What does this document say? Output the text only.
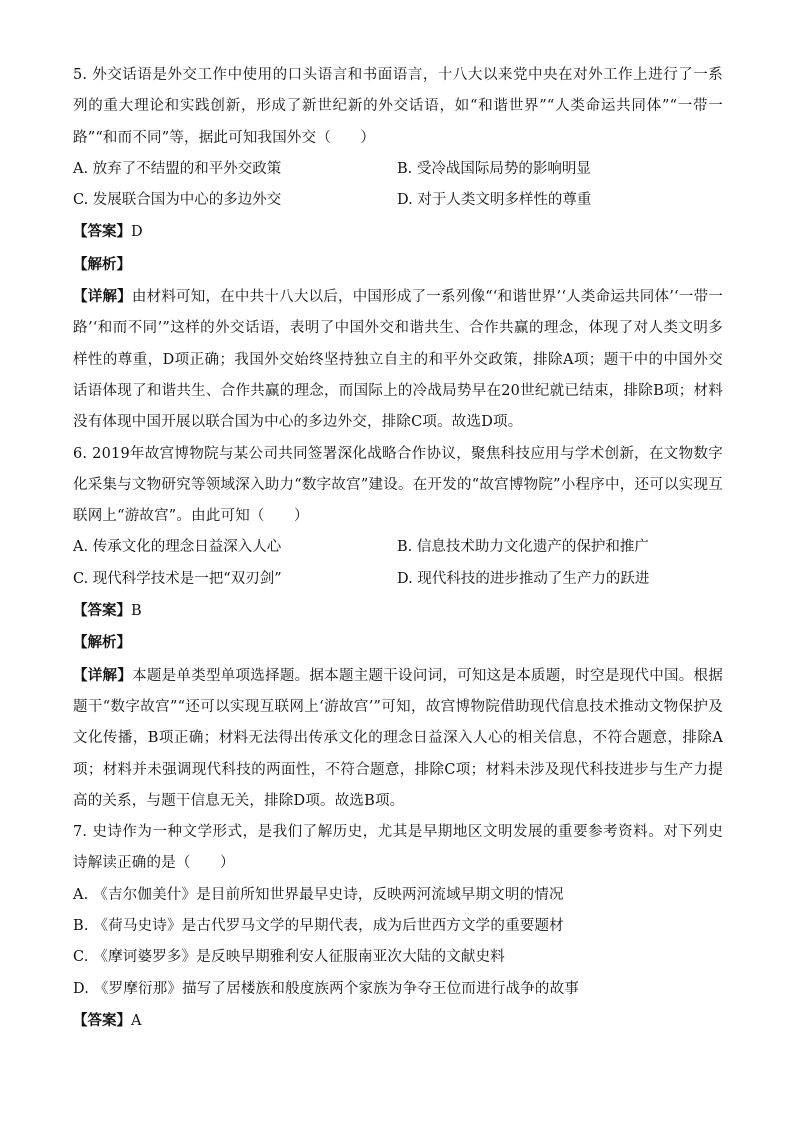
5. 外交话语是外交工作中使用的口头语言和书面语言，十八大以来党中央在对外工作上进行了一系列的重大理论和实践创新，形成了新世纪新的外交话语，如“和谐世界”“人类命运共同体”“一带一路”“和而不同”等，据此可知我国外交（　　）

A. 放弃了不结盟的和平外交政策	B. 受冷战国际局势的影响明显
C. 发展联合国为中心的多边外交	D. 对于人类文明多样性的尊重

【答案】D

【解析】

【详解】由材料可知，在中共十八大以后，中国形成了一系列像“‘和谐世界’‘人类命运共同体’‘一带一路’‘和而不同’”这样的外交话语，表明了中国外交和谐共生、合作共赢的理念，体现了对人类文明多样性的尊重，D项正确；我国外交始终坚持独立自主的和平外交政策，排除A项；题干中的中国外交话语体现了和谐共生、合作共赢的理念，而国际上的冷战局势早在20世纪就已结束，排除B项；材料没有体现中国开展以联合国为中心的多边外交，排除C项。故选D项。

6. 2019年故宫博物院与某公司共同签署深化战略合作协议，聚焦科技应用与学术创新，在文物数字化采集与文物研究等领域深入助力“数字故宫”建设。在开发的“故宫博物院”小程序中，还可以实现互联网上“游故宫”。由此可知（　　）

A. 传承文化的理念日益深入人心	B. 信息技术助力文化遗产的保护和推广
C. 现代科学技术是一把“双刃剑”	D. 现代科技的进步推动了生产力的跃进

【答案】B

【解析】

【详解】本题是单类型单项选择题。据本题主题干设问词，可知这是本质题，时空是现代中国。根据题干“数字故宫”“还可以实现互联网上‘游故宫’”可知，故宫博物院借助现代信息技术推动文物保护及文化传播，B项正确；材料无法得出传承文化的理念日益深入人心的相关信息，不符合题意，排除A项；材料并未强调现代科技的两面性，不符合题意，排除C项；材料未涉及现代科技进步与生产力提高的关系，与题干信息无关，排除D项。故选B项。

7. 史诗作为一种文学形式，是我们了解历史，尤其是早期地区文明发展的重要参考资料。对下列史诗解读正确的是（　　）

A. 《吉尔伽美什》是目前所知世界最早史诗，反映两河流域早期文明的情况

B. 《荷马史诗》是古代罗马文学的早期代表，成为后世西方文学的重要题材

C. 《摩诃婆罗多》是反映早期雅利安人征服南亚次大陆的文献史料

D. 《罗摩衍那》描写了居楼族和般度族两个家族为争夺王位而进行战争的故事

【答案】A
